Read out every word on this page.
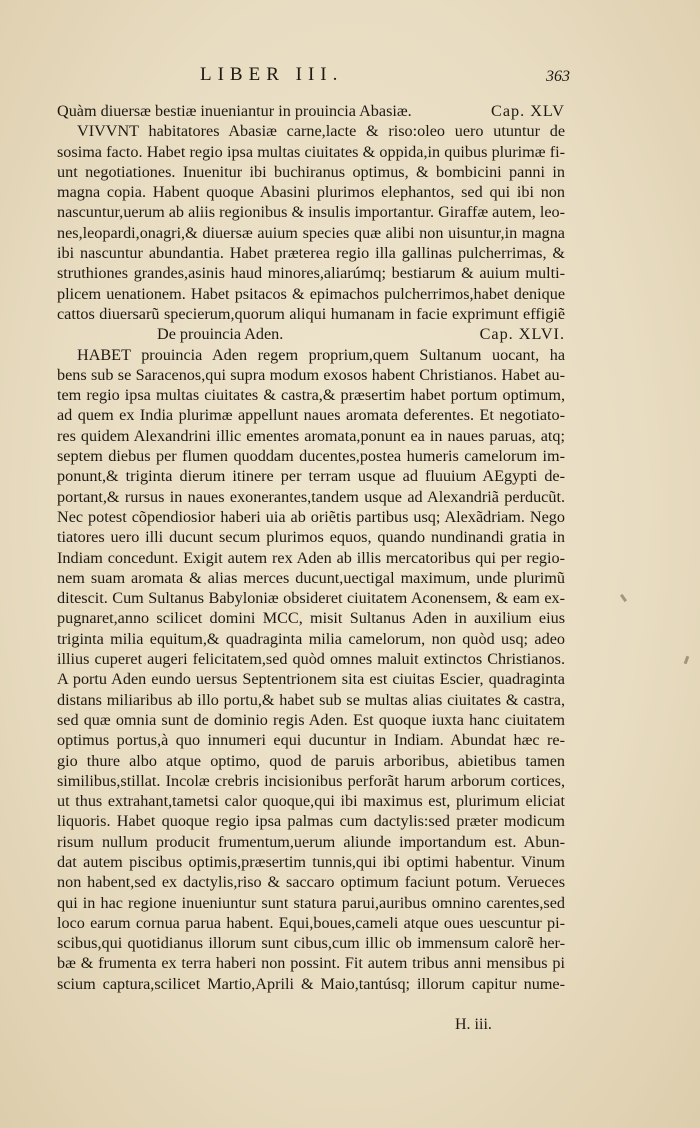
LIBER III.	363
Quàm diuersæ bestiæ inueniantur in prouincia Abasiæ.	Cap. XLV
VIVVNT habitatores Abasiæ carne,lacte & riso:oleo uero utuntur de
sosima facto. Habet regio ipsa multas ciuitates & oppida,in quibus plurimæ fi-
unt negotiationes. Inuenitur ibi buchiranus optimus, & bombicini panni in
magna copia. Habent quoque Abasini plurimos elephantos, sed qui ibi non
nascuntur,uerum ab aliis regionibus & insulis importantur. Giraffæ autem, leo-
nes,leopardi,onagri,& diuersæ auium species quæ alibi non uisuntur,in magna
ibi nascuntur abundantia. Habet præterea regio illa gallinas pulcherrimas, &
struthiones grandes,asinis haud minores,aliarúmq; bestiarum & auium multi-
plicem uenationem. Habet psitacos & epimachos pulcherrimos,habet denique
cattos diuersarũ specierum,quorum aliqui humanam in facie exprimunt effigiẽ
De prouincia Aden.	Cap. XLVI.
HABET prouincia Aden regem proprium,quem Sultanum uocant, ha
bens sub se Saracenos,qui supra modum exosos habent Christianos. Habet au-
tem regio ipsa multas ciuitates & castra,& præsertim habet portum optimum,
ad quem ex India plurimæ appellunt naues aromata deferentes. Et negotiato-
res quidem Alexandrini illic ementes aromata,ponunt ea in naues paruas, atq;
septem diebus per flumen quoddam ducentes,postea humeris camelorum im-
ponunt,& triginta dierum itinere per terram usque ad fluuium AEgypti de-
portant,& rursus in naues exonerantes,tandem usque ad Alexandriã perducũt.
Nec potest cõpendiosior haberi uia ab oriẽtis partibus usq; Alexãdriam. Nego
tiatores uero illi ducunt secum plurimos equos, quando nundinandi gratia in
Indiam concedunt. Exigit autem rex Aden ab illis mercatoribus qui per regio-
nem suam aromata & alias merces ducunt,uectigal maximum, unde plurimũ
ditescit. Cum Sultanus Babyloniæ obsideret ciuitatem Aconensem, & eam ex-
pugnaret,anno scilicet domini MCC, misit Sultanus Aden in auxilium eius
triginta milia equitum,& quadraginta milia camelorum, non quòd usq; adeo
illius cuperet augeri felicitatem,sed quòd omnes maluit extinctos Christianos.
A portu Aden eundo uersus Septentrionem sita est ciuitas Escier, quadraginta
distans miliaribus ab illo portu,& habet sub se multas alias ciuitates & castra,
sed quæ omnia sunt de dominio regis Aden. Est quoque iuxta hanc ciuitatem
optimus portus,à quo innumeri equi ducuntur in Indiam. Abundat hæc re-
gio thure albo atque optimo, quod de paruis arboribus, abietibus tamen
similibus,stillat. Incolæ crebris incisionibus perforãt harum arborum cortices,
ut thus extrahant,tametsi calor quoque,qui ibi maximus est, plurimum eliciat
liquoris. Habet quoque regio ipsa palmas cum dactylis:sed præter modicum
risum nullum producit frumentum,uerum aliunde importandum est. Abun-
dat autem piscibus optimis,præsertim tunnis,qui ibi optimi habentur. Vinum
non habent,sed ex dactylis,riso & saccaro optimum faciunt potum. Verueces
qui in hac regione inueniuntur sunt statura parui,auribus omnino carentes,sed
loco earum cornua parua habent. Equi,boues,cameli atque oues uescuntur pi-
scibus,qui quotidianus illorum sunt cibus,cum illic ob immensum calorẽ her-
bæ & frumenta ex terra haberi non possint. Fit autem tribus anni mensibus pi
scium captura,scilicet Martio,Aprili & Maio,tantúsq; illorum capitur nume-
H. iii.
